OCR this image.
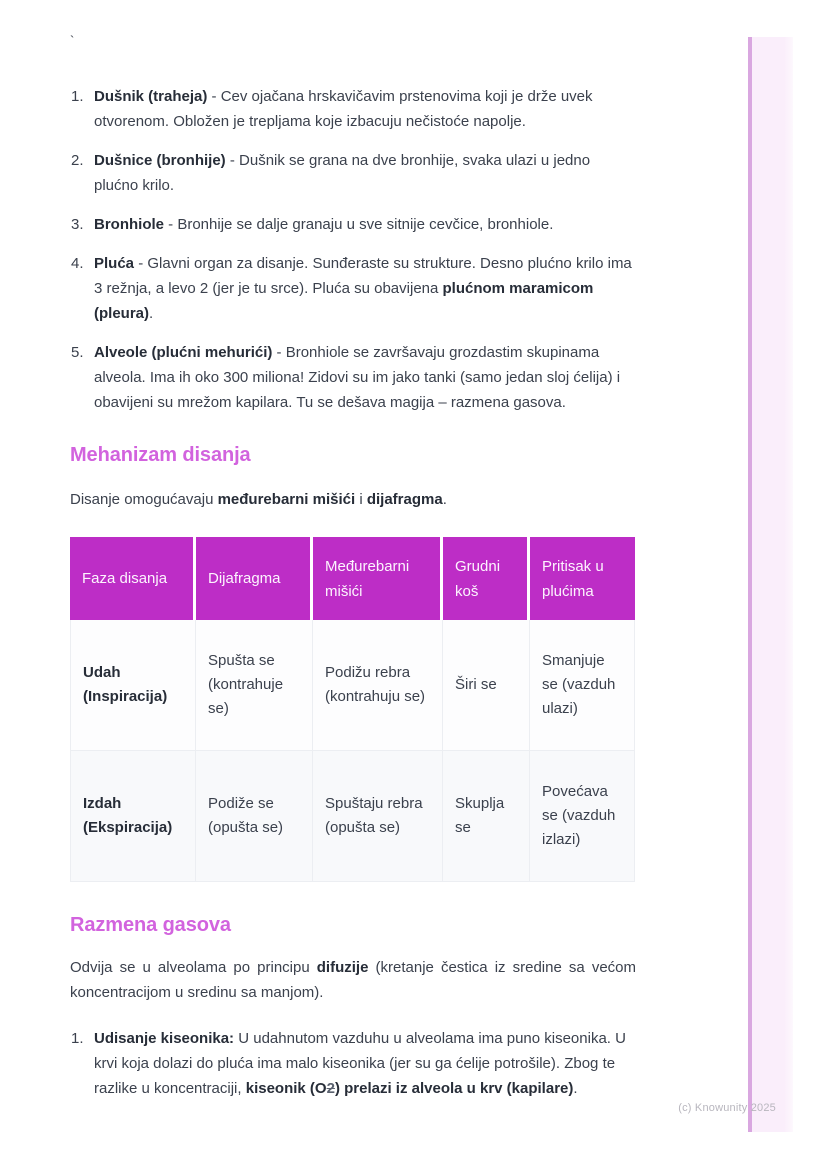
`
(c) Knowunity 2025
1. Dušnik (traheja) - Cev ojačana hrskavičavim prstenovima koji je drže uvek otvorenom. Obložen je trepljama koje izbacuju nečistoće napolje.
2. Dušnice (bronhije) - Dušnik se grana na dve bronhije, svaka ulazi u jedno plućno krilo.
3. Bronhiole - Bronhije se dalje granaju u sve sitnije cevčice, bronhiole.
4. Pluća - Glavni organ za disanje. Sunđeraste su strukture. Desno plućno krilo ima 3 režnja, a levo 2 (jer je tu srce). Pluća su obavijena plućnom maramicom (pleura).
5. Alveole (plućni mehurići) - Bronhiole se završavaju grozdastim skupinama alveola. Ima ih oko 300 miliona! Zidovi su im jako tanki (samo jedan sloj ćelija) i obavijeni su mrežom kapilara. Tu se dešava magija – razmena gasova.
Mehanizam disanja

Disanje omogućavaju međurebarni mišići i dijafragma.

Faza disanja	Dijafragma
Međurebarni mišići
Grudni koš
Pritisak u plućima
Udah (Inspiracija)
Spušta se (kontrahuje se)
Podižu rebra (kontrahuju se)
Širi se
Smanjuje se (vazduh ulazi)
Izdah (Ekspiracija)
Podiže se (opušta se)
Spuštaju rebra (opušta se)
Skuplja se
Povećava se (vazduh izlazi)
Razmena gasova

Odvija se u alveolama po principu difuzije (kretanje čestica iz sredine sa većom koncentracijom u sredinu sa manjom).

1. Udisanje kiseonika: U udahnutom vazduhu u alveolama ima puno kiseonika. U krvi koja dolazi do pluća ima malo kiseonika (jer su ga ćelije potrošile). Zbog te razlike u koncentraciji, kiseonik (O2) prelazi iz alveola u krv (kapilare).
